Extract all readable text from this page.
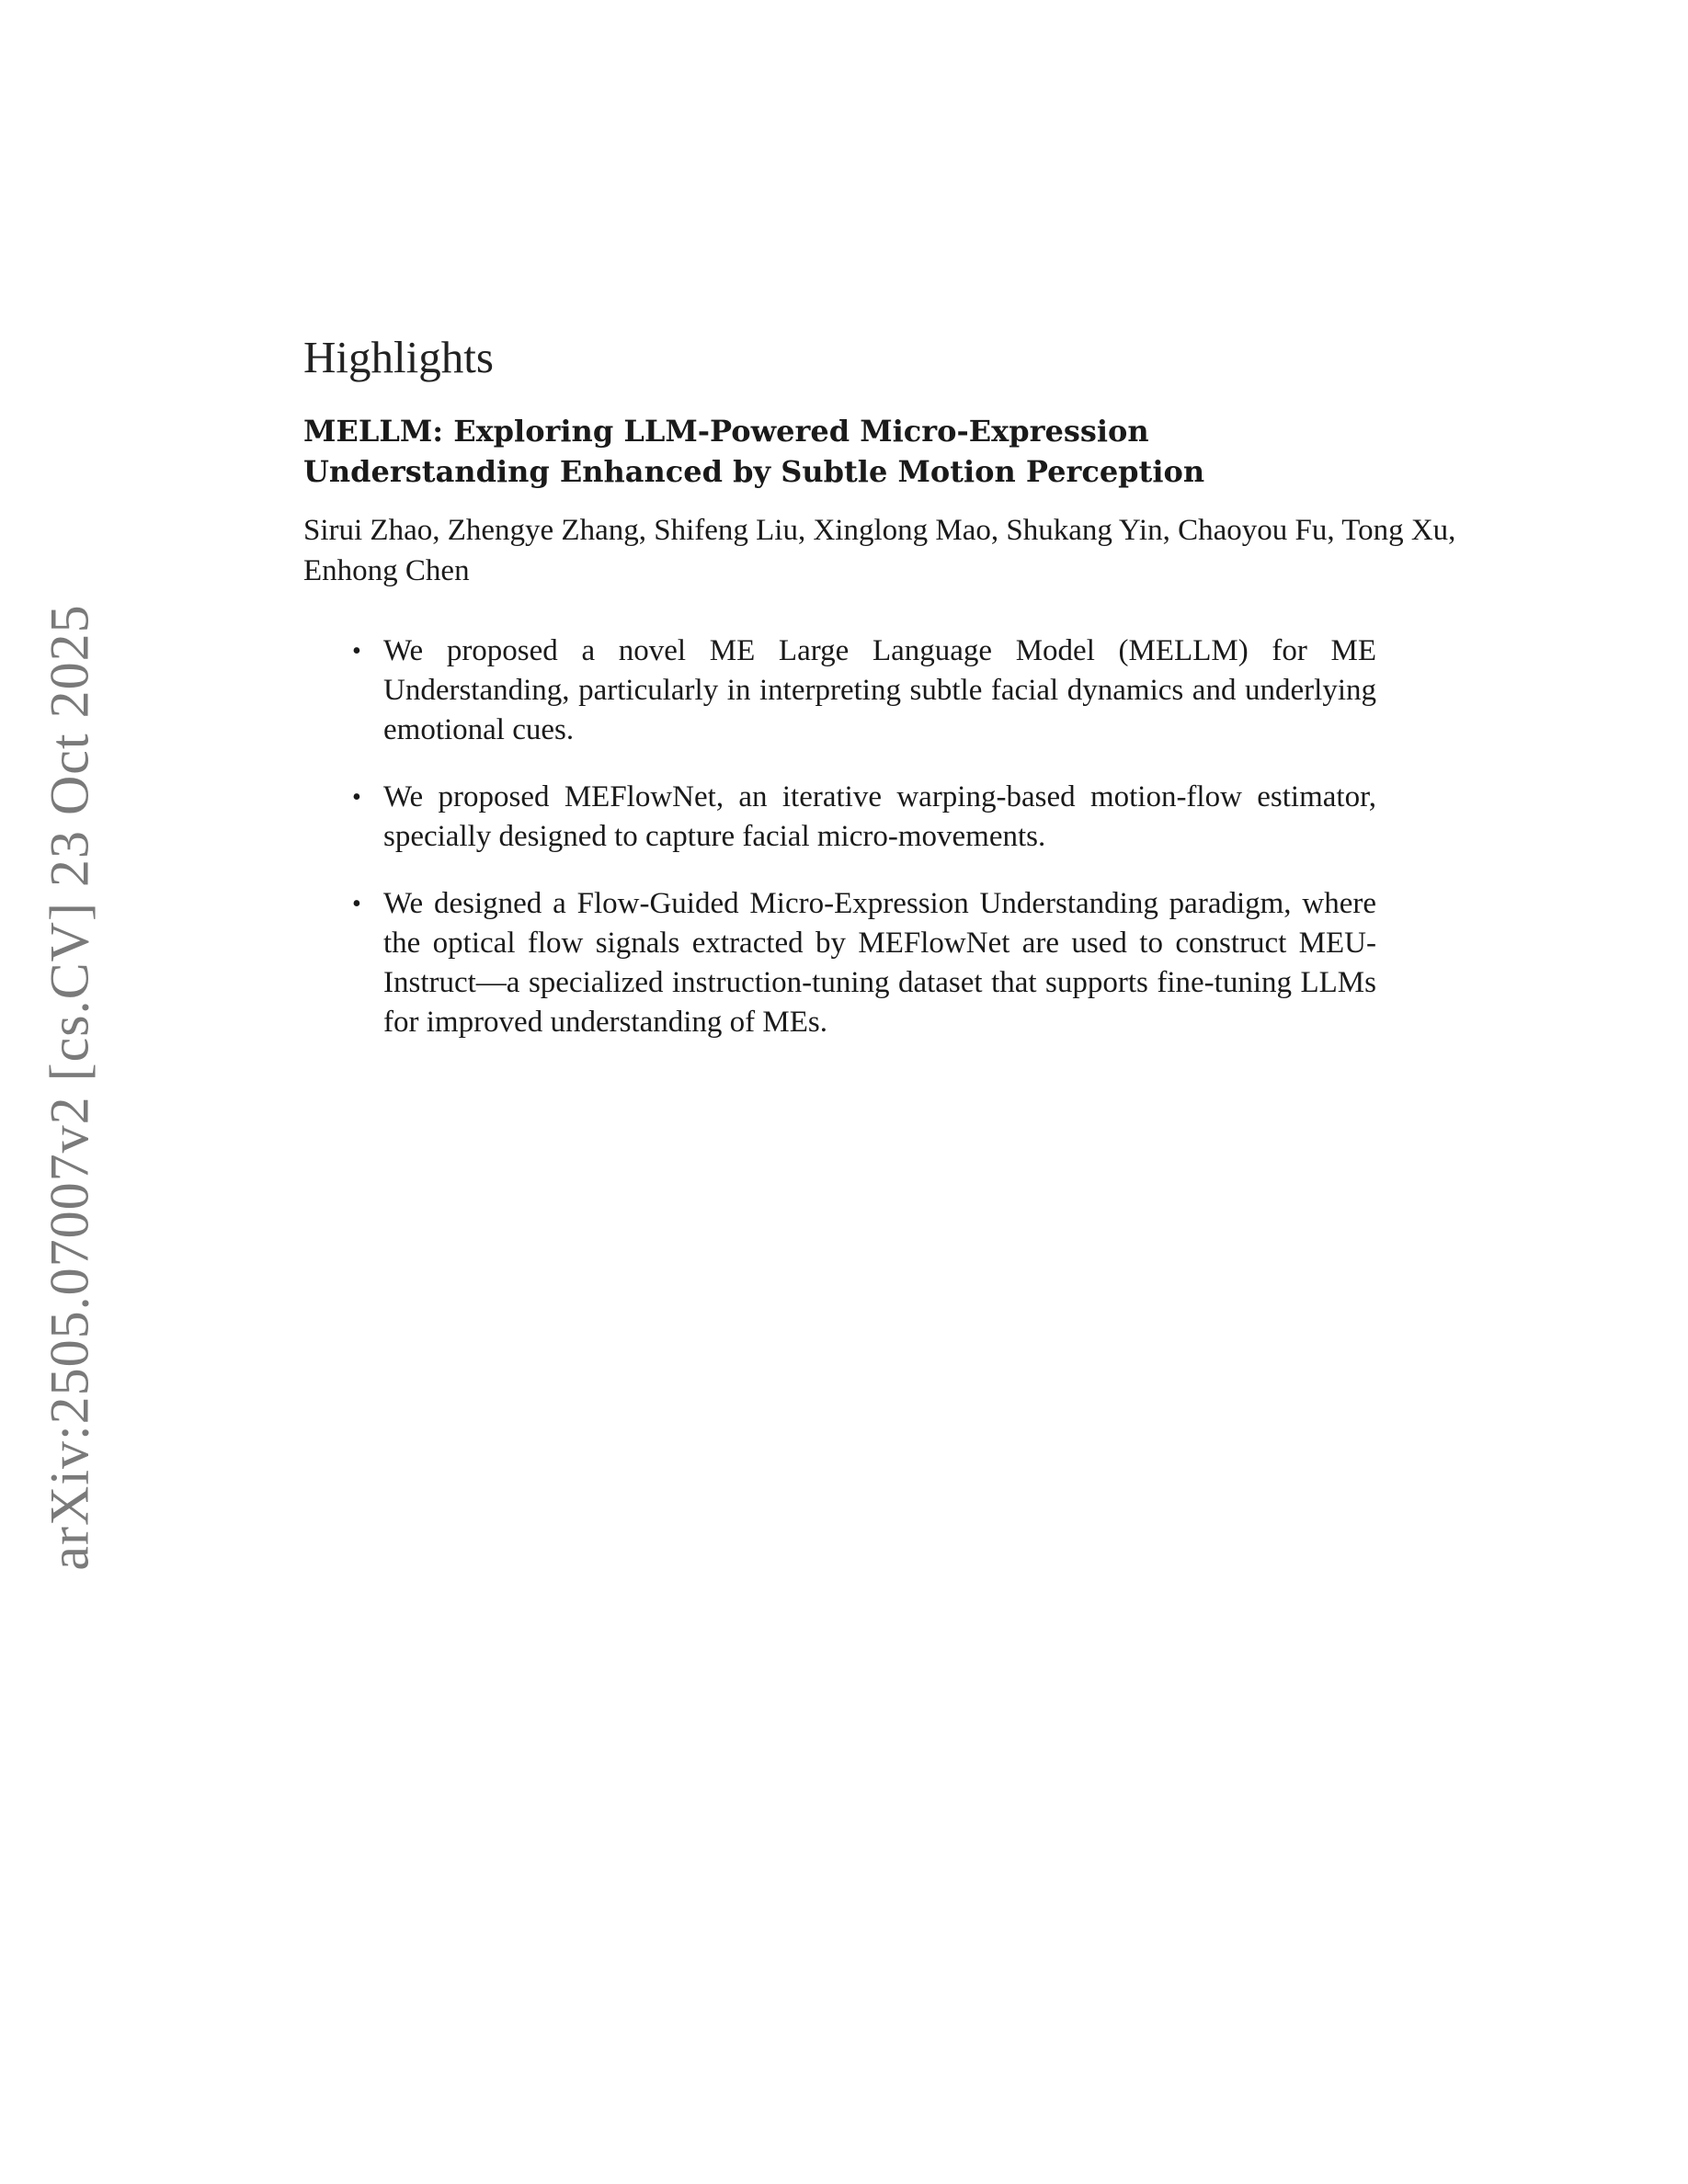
arXiv:2505.07007v2 [cs.CV] 23 Oct 2025
Highlights
MELLM: Exploring LLM-Powered Micro-Expression Understanding Enhanced by Subtle Motion Perception
Sirui Zhao, Zhengye Zhang, Shifeng Liu, Xinglong Mao, Shukang Yin, Chaoyou Fu, Tong Xu, Enhong Chen
• We proposed a novel ME Large Language Model (MELLM) for ME Understanding, particularly in interpreting subtle facial dynamics and underlying emotional cues.
• We proposed MEFlowNet, an iterative warping-based motion-flow estimator, specially designed to capture facial micro-movements.
• We designed a Flow-Guided Micro-Expression Understanding paradigm, where the optical flow signals extracted by MEFlowNet are used to construct MEU-Instruct—a specialized instruction-tuning dataset that supports fine-tuning LLMs for improved understanding of MEs.
